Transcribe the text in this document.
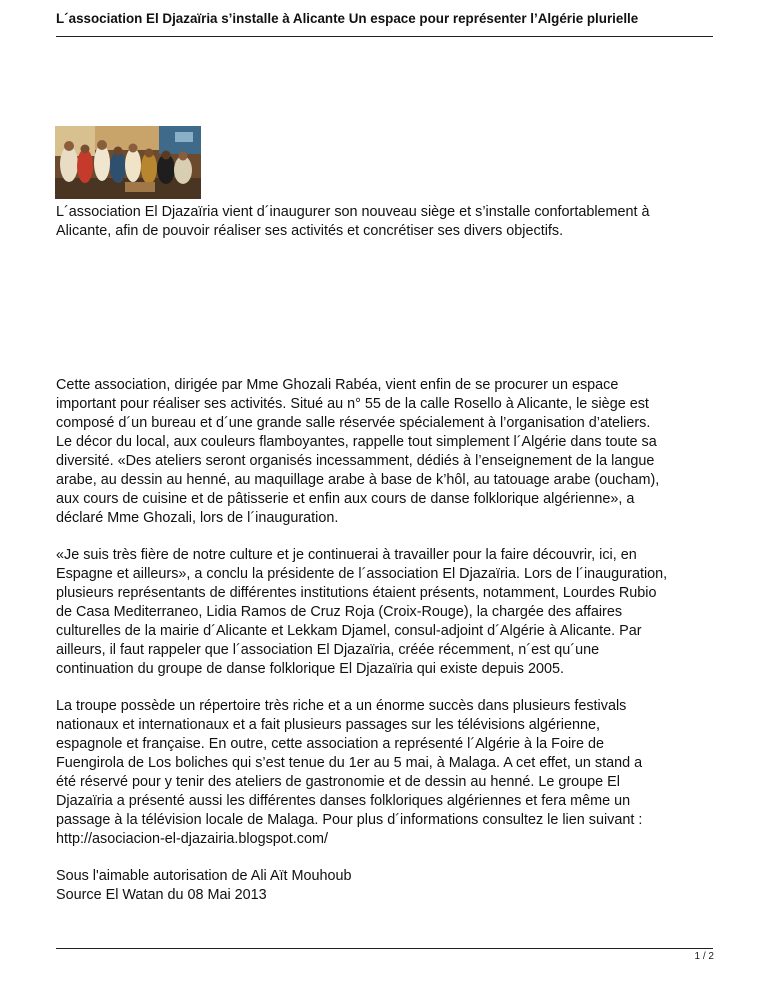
L´association El Djazaïria s’installe à Alicante Un espace pour représenter l’Algérie plurielle

L´association El Djazaïria vient d´inaugurer son nouveau siège et s’installe confortablement à
Alicante, afin de pouvoir réaliser ses activités et concrétiser ses divers objectifs.

Cette association, dirigée par Mme Ghozali Rabéa, vient enfin de se procurer un espace
important pour réaliser ses activités. Situé au n° 55 de la calle Rosello à Alicante, le siège est
composé d´un bureau et d´une grande salle réservée spécialement à l’organisation d’ateliers.
Le décor du local, aux couleurs flamboyantes, rappelle tout simplement l´Algérie dans toute sa
diversité. «Des ateliers seront organisés incessamment, dédiés à l’enseignement de la langue
arabe, au dessin au henné, au maquillage arabe à base de k’hôl, au tatouage arabe (oucham),
aux cours de cuisine et de pâtisserie et enfin aux cours de danse folklorique algérienne», a
déclaré Mme Ghozali, lors de l´inauguration.

«Je suis très fière de notre culture et je continuerai à travailler pour la faire découvrir, ici, en
Espagne et ailleurs», a conclu la présidente de l´association El Djazaïria. Lors de l´inauguration,
plusieurs représentants de différentes institutions étaient présents, notamment, Lourdes Rubio
de Casa Mediterraneo, Lidia Ramos de Cruz Roja (Croix-Rouge), la chargée des affaires
culturelles de la mairie d´Alicante et Lekkam Djamel, consul-adjoint d´Algérie à Alicante. Par
ailleurs, il faut rappeler que l´association El Djazaïria, créée récemment, n´est qu´une
continuation du groupe de danse folklorique El Djazaïria qui existe depuis 2005.

La troupe possède un répertoire très riche et a un énorme succès dans plusieurs festivals
nationaux et internationaux et a fait plusieurs passages sur les télévisions algérienne,
espagnole et française. En outre, cette association a représenté l´Algérie à la Foire de
Fuengirola de Los boliches qui s’est tenue du 1er au 5 mai, à Malaga. A cet effet, un stand a
été réservé pour y tenir des ateliers de gastronomie et de dessin au henné. Le groupe El
Djazaïria a présenté aussi les différentes danses folkloriques algériennes et fera même un
passage à la télévision locale de Malaga. Pour plus d´informations consultez le lien suivant :
http://asociacion-el-djazairia.blogspot.com/

Sous l'aimable autorisation de Ali Aït Mouhoub
Source El Watan du 08 Mai 2013

1 / 2
